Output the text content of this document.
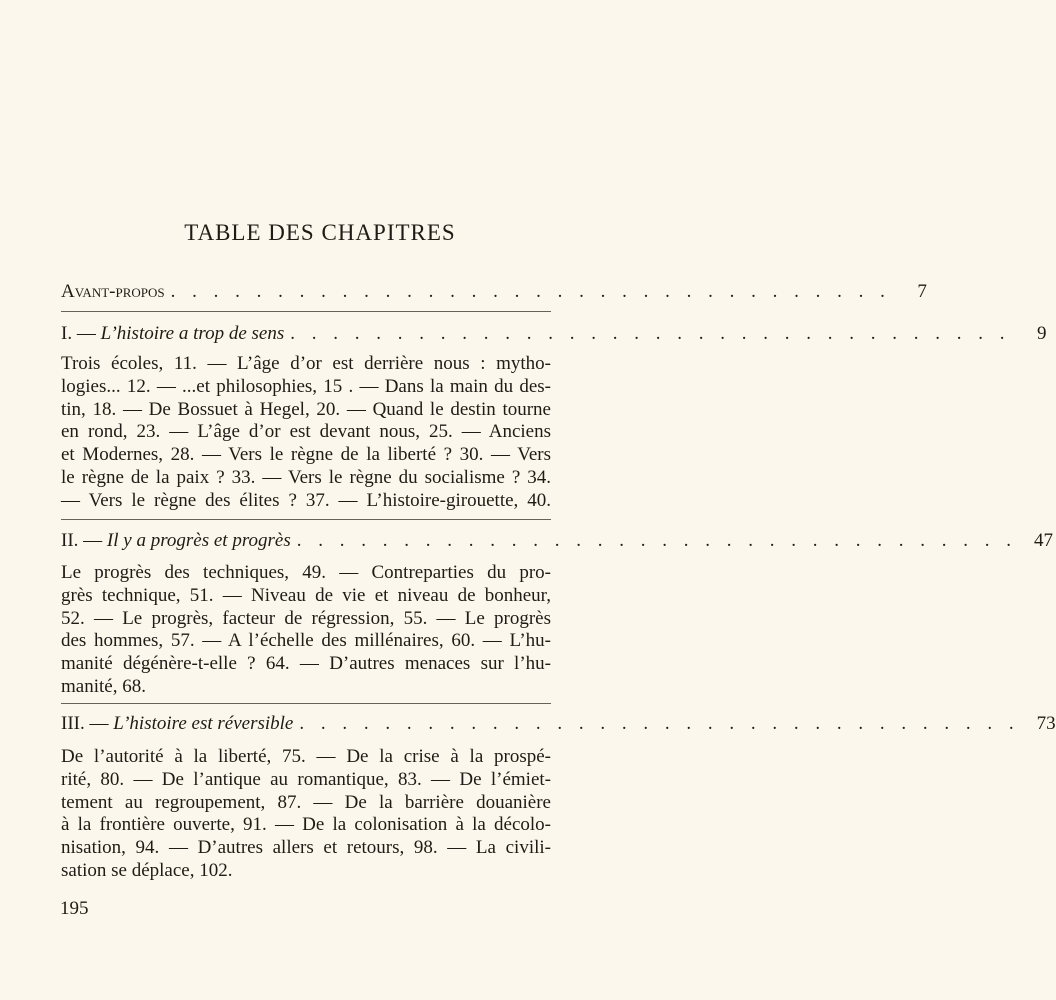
TABLE DES CHAPITRES
Avant-propos . . . . . . . . . . . . . . . . . . . . . . . . . . . . . . . . . .	7
I. — L’histoire a trop de sens . . . . . . . . . . . . . . . . . . . . . . . . . . . . . . . . . .	9
Trois écoles, 11. — L’âge d’or est derrière nous : mytho-
logies... 12. — ...et philosophies, 15 . — Dans la main du des-
tin, 18. — De Bossuet à Hegel, 20. — Quand le destin tourne
en rond, 23. — L’âge d’or est devant nous, 25. — Anciens
et Modernes, 28. — Vers le règne de la liberté ? 30. — Vers
le règne de la paix ? 33. — Vers le règne du socialisme ? 34.
— Vers le règne des élites ? 37. — L’histoire-girouette, 40.
II. — Il y a progrès et progrès . . . . . . . . . . . . . . . . . . . . . . . . . . . . . . . . . . 47
Le progrès des techniques, 49. — Contreparties du pro-
grès technique, 51. — Niveau de vie et niveau de bonheur,
52. — Le progrès, facteur de régression, 55. — Le progrès
des hommes, 57. — A l’échelle des millénaires, 60. — L’hu-
manité dégénère-t-elle ? 64. — D’autres menaces sur l’hu-
manité, 68.
III. — L’histoire est réversible . . . . . . . . . . . . . . . . . . . . . . . . . . . . . . . . . . 73
De l’autorité à la liberté, 75. — De la crise à la prospé-
rité, 80. — De l’antique au romantique, 83. — De l’émiet-
tement au regroupement, 87. — De la barrière douanière
à la frontière ouverte, 91. — De la colonisation à la décolo-
nisation, 94. — D’autres allers et retours, 98. — La civili-
sation se déplace, 102.
195
